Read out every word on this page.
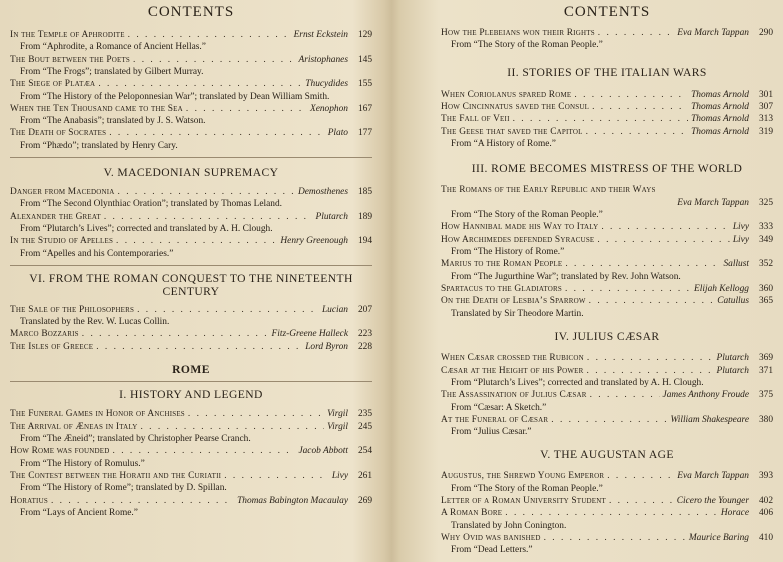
CONTENTS
In the Temple of Aphrodite . . .	Ernst Eckstein	129
From “Aphrodite, a Romance of Ancient Hellas.”
The Bout between the Poets . . .	Aristophanes	145
From “The Frogs”; translated by Gilbert Murray.
The Siege of Platæa . . .	Thucydides	155
From “The History of the Peloponnesian War”; translated by Dean William Smith.
When the Ten Thousand came to the Sea . . .	Xenophon	167
From “The Anabasis”; translated by J. S. Watson.
The Death of Socrates . . .	Plato	177
From “Phædo”; translated by Henry Cary.
V. MACEDONIAN SUPREMACY
Danger from Macedonia . . .	Demosthenes	185
From “The Second Olynthiac Oration”; translated by Thomas Leland.
Alexander the Great . . .	Plutarch	189
From “Plutarch’s Lives”; corrected and translated by A. H. Clough.
In the Studio of Apelles . . .	Henry Greenough	194
From “Apelles and his Contemporaries.”
VI. FROM THE ROMAN CONQUEST TO THE NINETEENTH CENTURY
The Sale of the Philosophers . . .	Lucian	207
Translated by the Rev. W. Lucas Collin.
Marco Bozzaris . . .	Fitz-Greene Halleck	223
The Isles of Greece . . .	Lord Byron	228
ROME
I. HISTORY AND LEGEND
The Funeral Games in Honor of Anchises . . .	Virgil	235
The Arrival of Æneas in Italy . . .	Virgil	245
From “The Æneid”; translated by Christopher Pearse Cranch.
How Rome was founded . . .	Jacob Abbott	254
From “The History of Romulus.”
The Contest between the Horatii and the Curiatii . . .	Livy	261
From “The History of Rome”; translated by D. Spillan.
Horatius . . .	Thomas Babington Macaulay	269
From “Lays of Ancient Rome.”
CONTENTS
How the Plebeians won their Rights . . .	Eva March Tappan	290
From “The Story of the Roman People.”
II. STORIES OF THE ITALIAN WARS
When Coriolanus spared Rome . . .	Thomas Arnold	301
How Cincinnatus saved the Consul . . .	Thomas Arnold	307
The Fall of Veii . . .	Thomas Arnold	313
The Geese that saved the Capitol . . .	Thomas Arnold	319
From “A History of Rome.”
III. ROME BECOMES MISTRESS OF THE WORLD
The Romans of the Early Republic and their Ways
Eva March Tappan	325
From “The Story of the Roman People.”
How Hannibal made his Way to Italy . . .	Livy	333
How Archimedes defended Syracuse . . .	Livy	349
From “The History of Rome.”
Marius to the Roman People . . .	Sallust	352
From “The Jugurthine War”; translated by Rev. John Watson.
Spartacus to the Gladiators . . .	Elijah Kellogg	360
On the Death of Lesbia’s Sparrow . . .	Catullus	365
Translated by Sir Theodore Martin.
IV. JULIUS CÆSAR
When Cæsar crossed the Rubicon . . .	Plutarch	369
Cæsar at the Height of his Power . . .	Plutarch	371
From “Plutarch’s Lives”; corrected and translated by A. H. Clough.
The Assassination of Julius Cæsar . . .	James Anthony Froude	375
From “Cæsar: A Sketch.”
At the Funeral of Cæsar . . .	William Shakespeare	380
From “Julius Cæsar.”
V. THE AUGUSTAN AGE
Augustus, the Shrewd Young Emperor . . .	Eva March Tappan	393
From “The Story of the Roman People.”
Letter of a Roman University Student . . .	Cicero the Younger	402
A Roman Bore . . .	Horace	406
Translated by John Conington.
Why Ovid was banished . . .	Maurice Baring	410
From “Dead Letters.”
